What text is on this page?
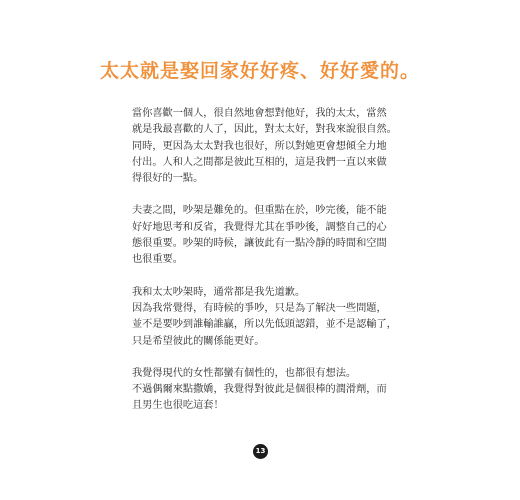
太太就是娶回家好好疼、好好愛的。
當你喜歡一個人，很自然地會想對他好，我的太太，當然
就是我最喜歡的人了，因此，對太太好，對我來說很自然。
同時，更因為太太對我也很好，所以對她更會想傾全力地
付出。人和人之間都是彼此互相的，這是我們一直以來做
得很好的一點。
夫妻之間，吵架是難免的。但重點在於，吵完後，能不能
好好地思考和反省，我覺得尤其在爭吵後，調整自己的心
態很重要。吵架的時候，讓彼此有一點冷靜的時間和空間
也很重要。
我和太太吵架時，通常都是我先道歉。
因為我常覺得，有時候的爭吵，只是為了解決一些問題，
並不是要吵到誰輸誰贏，所以先低頭認錯，並不是認輸了，
只是希望彼此的關係能更好。
我覺得現代的女性都蠻有個性的，也都很有想法。
不過偶爾來點撒嬌，我覺得對彼此是個很棒的潤滑劑，而
且男生也很吃這套！
13
